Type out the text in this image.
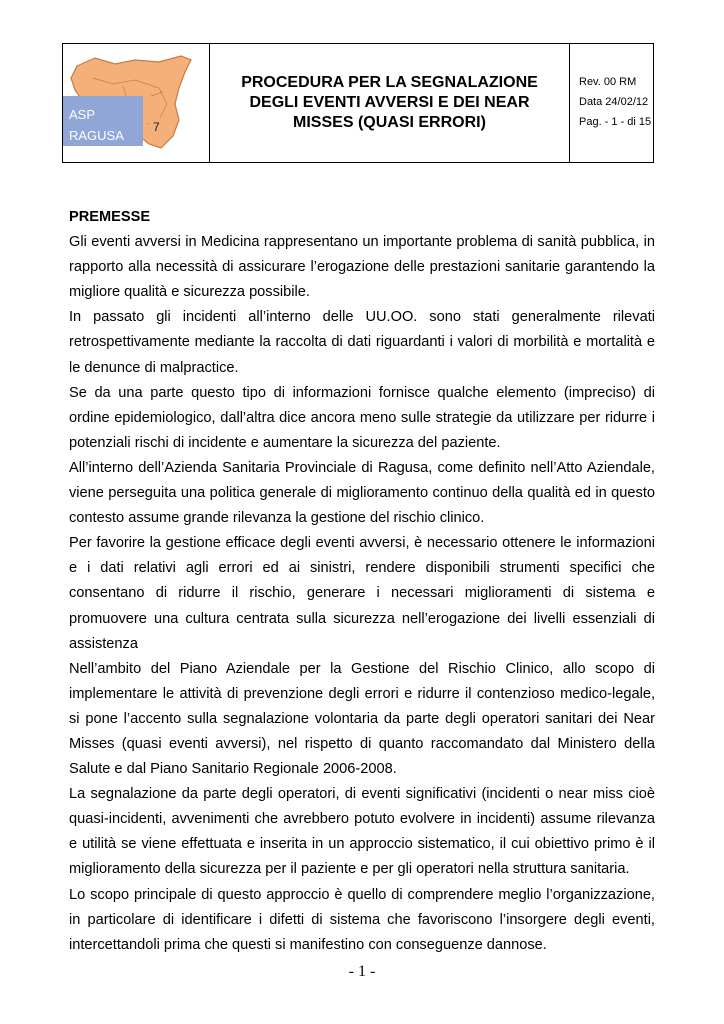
ASP
RAGUSA
7
PROCEDURA PER LA SEGNALAZIONE
DEGLI EVENTI AVVERSI E DEI NEAR
MISSES (QUASI ERRORI)
Rev. 00 RM
Data 24/02/12
Pag. - 1 - di 15
PREMESSE

Gli eventi avversi in Medicina rappresentano un importante problema di sanità pubblica, in rapporto alla necessità di assicurare l’erogazione delle prestazioni sanitarie garantendo la migliore qualità e sicurezza possibile.

In passato gli incidenti all’interno delle UU.OO. sono stati generalmente rilevati retrospettivamente mediante la raccolta di dati riguardanti i valori di morbilità e mortalità e le denunce di malpractice.

Se da una parte questo tipo di informazioni fornisce qualche elemento (impreciso) di ordine epidemiologico, dall’altra dice ancora meno sulle strategie da utilizzare per ridurre i potenziali rischi di incidente e aumentare la sicurezza del paziente.

All’interno dell’Azienda Sanitaria Provinciale di Ragusa, come definito nell’Atto Aziendale, viene perseguita una politica generale di miglioramento continuo della qualità ed in questo contesto assume grande rilevanza la gestione del rischio clinico.

Per favorire la gestione efficace degli eventi avversi, è necessario ottenere le informazioni e i dati relativi agli errori ed ai sinistri, rendere disponibili strumenti specifici che consentano di ridurre il rischio, generare i necessari miglioramenti di sistema e promuovere una cultura centrata sulla sicurezza nell’erogazione dei livelli essenziali di assistenza

Nell’ambito del Piano Aziendale per la Gestione del Rischio Clinico, allo scopo di implementare le attività di prevenzione degli errori e ridurre il contenzioso medico-legale, si pone l’accento sulla segnalazione volontaria da parte degli operatori sanitari dei Near Misses (quasi eventi avversi), nel rispetto di quanto raccomandato dal Ministero della Salute e dal Piano Sanitario Regionale 2006-2008.

La segnalazione da parte degli operatori, di eventi significativi (incidenti o near miss cioè quasi-incidenti, avvenimenti che avrebbero potuto evolvere in incidenti) assume rilevanza e utilità se viene effettuata e inserita in un approccio sistematico, il cui obiettivo primo è il miglioramento della sicurezza per il paziente e per gli operatori nella struttura sanitaria.

Lo scopo principale di questo approccio è quello di comprendere meglio l’organizzazione, in particolare di identificare i difetti di sistema che favoriscono l’insorgere degli eventi, intercettandoli prima che questi si manifestino con conseguenze dannose.

- 1 -
